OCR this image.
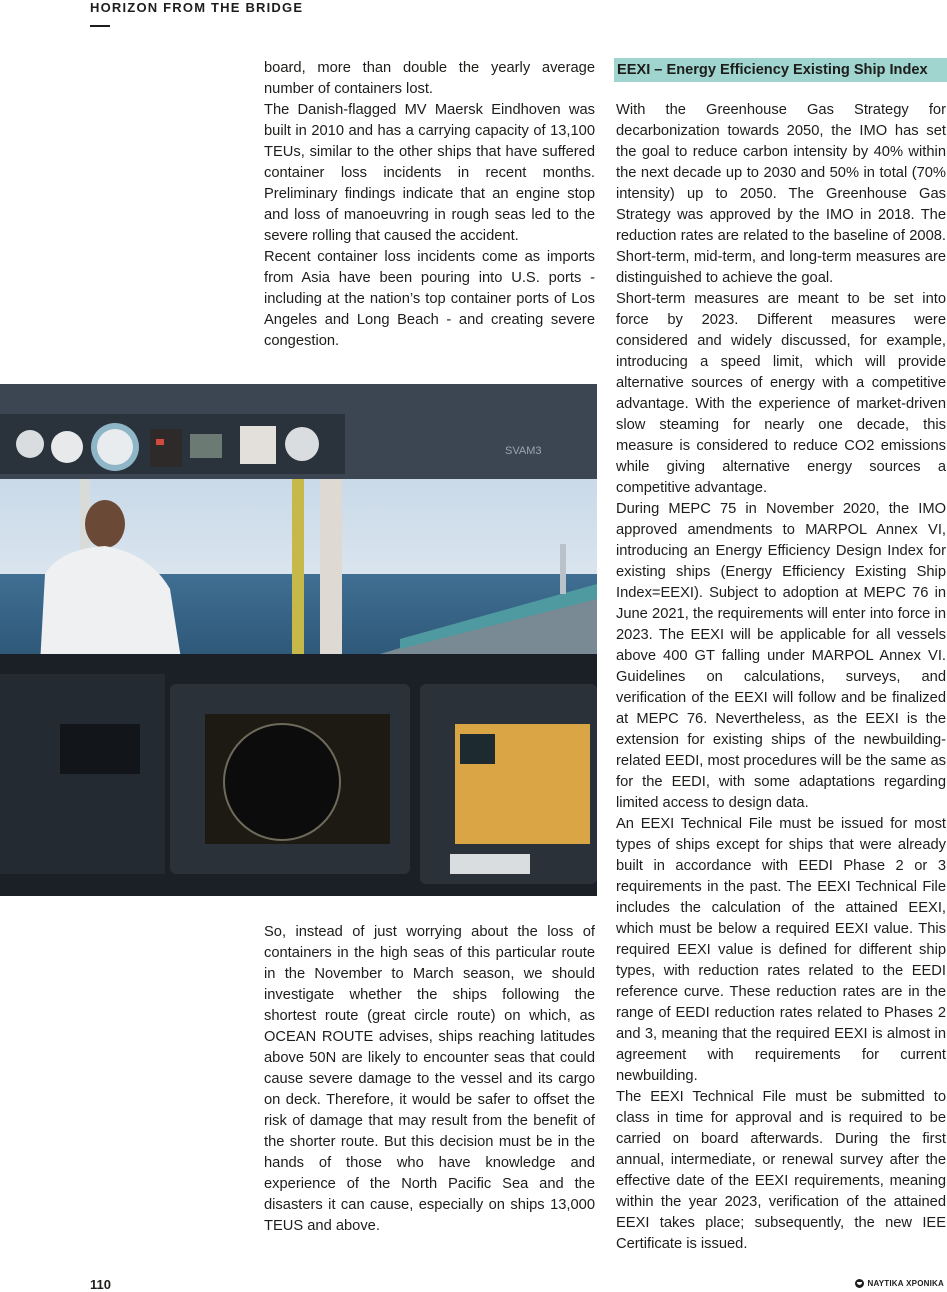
HORIZON FROM THE BRIDGE

board, more than double the yearly average number of containers lost.

The Danish-flagged MV Maersk Eindhoven was built in 2010 and has a carrying capacity of 13,100 TEUs, similar to the other ships that have suffered container loss incidents in recent months. Preliminary findings indicate that an engine stop and loss of manoeuvring in rough seas led to the severe rolling that caused the accident.

Recent container loss incidents come as imports from Asia have been pouring into U.S. ports - including at the nation’s top container ports of Los Angeles and Long Beach - and creating severe congestion.

SVAM3

So, instead of just worrying about the loss of containers in the high seas of this particular route in the November to March season, we should investigate whether the ships following the shortest route (great circle route) on which, as OCEAN ROUTE advises, ships reaching latitudes above 50N are likely to encounter seas that could cause severe damage to the vessel and its cargo on deck. Therefore, it would be safer to offset the risk of damage that may result from the benefit of the shorter route. But this decision must be in the hands of those who have knowledge and experience of the North Pacific Sea and the disasters it can cause, especially on ships 13,000 TEUS and above.

EEXI – Energy Efficiency Existing Ship Index

With the Greenhouse Gas Strategy for decarbonization towards 2050, the IMO has set the goal to reduce carbon intensity by 40% within the next decade up to 2030 and 50% in total (70% intensity) up to 2050. The Greenhouse Gas Strategy was approved by the IMO in 2018. The reduction rates are related to the baseline of 2008. Short-term, mid-term, and long-term measures are distinguished to achieve the goal.

Short-term measures are meant to be set into force by 2023. Different measures were considered and widely discussed, for example, introducing a speed limit, which will provide alternative sources of energy with a competitive advantage. With the experience of market-driven slow steaming for nearly one decade, this measure is considered to reduce CO2 emissions while giving alternative energy sources a competitive advantage.

During MEPC 75 in November 2020, the IMO approved amendments to MARPOL Annex VI, introducing an Energy Efficiency Design Index for existing ships (Energy Efficiency Existing Ship Index=EEXI). Subject to adoption at MEPC 76 in June 2021, the requirements will enter into force in 2023. The EEXI will be applicable for all vessels above 400 GT falling under MARPOL Annex VI. Guidelines on calculations, surveys, and verification of the EEXI will follow and be finalized at MEPC 76. Nevertheless, as the EEXI is the extension for existing ships of the newbuilding-related EEDI, most procedures will be the same as for the EEDI, with some adaptations regarding limited access to design data.

An EEXI Technical File must be issued for most types of ships except for ships that were already built in accordance with EEDI Phase 2 or 3 requirements in the past. The EEXI Technical File includes the calculation of the attained EEXI, which must be below a required EEXI value. This required EEXI value is defined for different ship types, with reduction rates related to the EEDI reference curve. These reduction rates are in the range of EEDI reduction rates related to Phases 2 and 3, meaning that the required EEXI is almost in agreement with requirements for current newbuilding.

The EEXI Technical File must be submitted to class in time for approval and is required to be carried on board afterwards. During the first annual, intermediate, or renewal survey after the effective date of the EEXI requirements, meaning within the year 2023, verification of the attained EEXI takes place; subsequently, the new IEE Certificate is issued.

110	ΝΑΥΤΙΚΑ ΧΡΟΝΙΚΑ
